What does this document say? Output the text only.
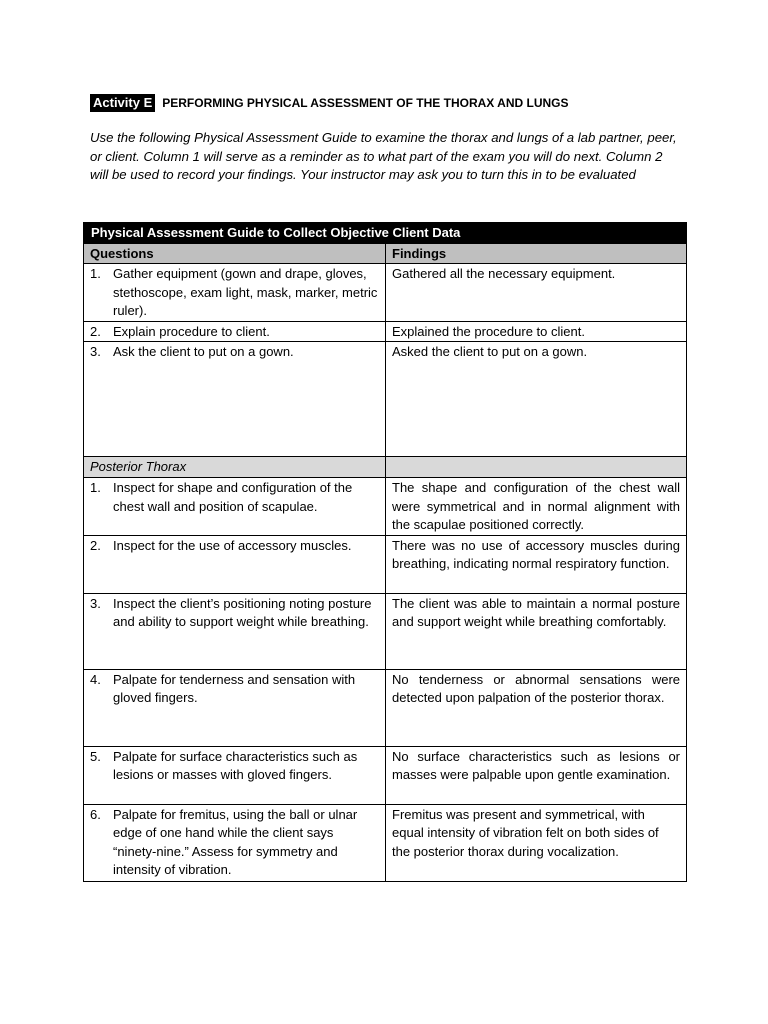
Activity E PERFORMING PHYSICAL ASSESSMENT OF THE THORAX AND LUNGS

Use the following Physical Assessment Guide to examine the thorax and lungs of a lab partner, peer, or client. Column 1 will serve as a reminder as to what part of the exam you will do next. Column 2 will be used to record your findings. Your instructor may ask you to turn this in to be evaluated

Physical Assessment Guide to Collect Objective Client Data	
Questions	Findings

1. Gather equipment (gown and drape, gloves, stethoscope, exam light, mask, marker, metric ruler).	Gathered all the necessary equipment.

2. Explain procedure to client.	Explained the procedure to client.

3. Ask the client to put on a gown.	Asked the client to put on a gown.

Posterior Thorax	

1. Inspect for shape and configuration of the chest wall and position of scapulae.	The shape and configuration of the chest wall were symmetrical and in normal alignment with the scapulae positioned correctly.

2. Inspect for the use of accessory muscles.	There was no use of accessory muscles during breathing, indicating normal respiratory function.

3. Inspect the client’s positioning noting posture and ability to support weight while breathing.	The client was able to maintain a normal posture and support weight while breathing comfortably.

4. Palpate for tenderness and sensation with gloved fingers.	No tenderness or abnormal sensations were detected upon palpation of the posterior thorax.

5. Palpate for surface characteristics such as lesions or masses with gloved fingers.	No surface characteristics such as lesions or masses were palpable upon gentle examination.

6. Palpate for fremitus, using the ball or ulnar edge of one hand while the client says “ninety-nine.” Assess for symmetry and intensity of vibration.	Fremitus was present and symmetrical, with equal intensity of vibration felt on both sides of the posterior thorax during vocalization.
